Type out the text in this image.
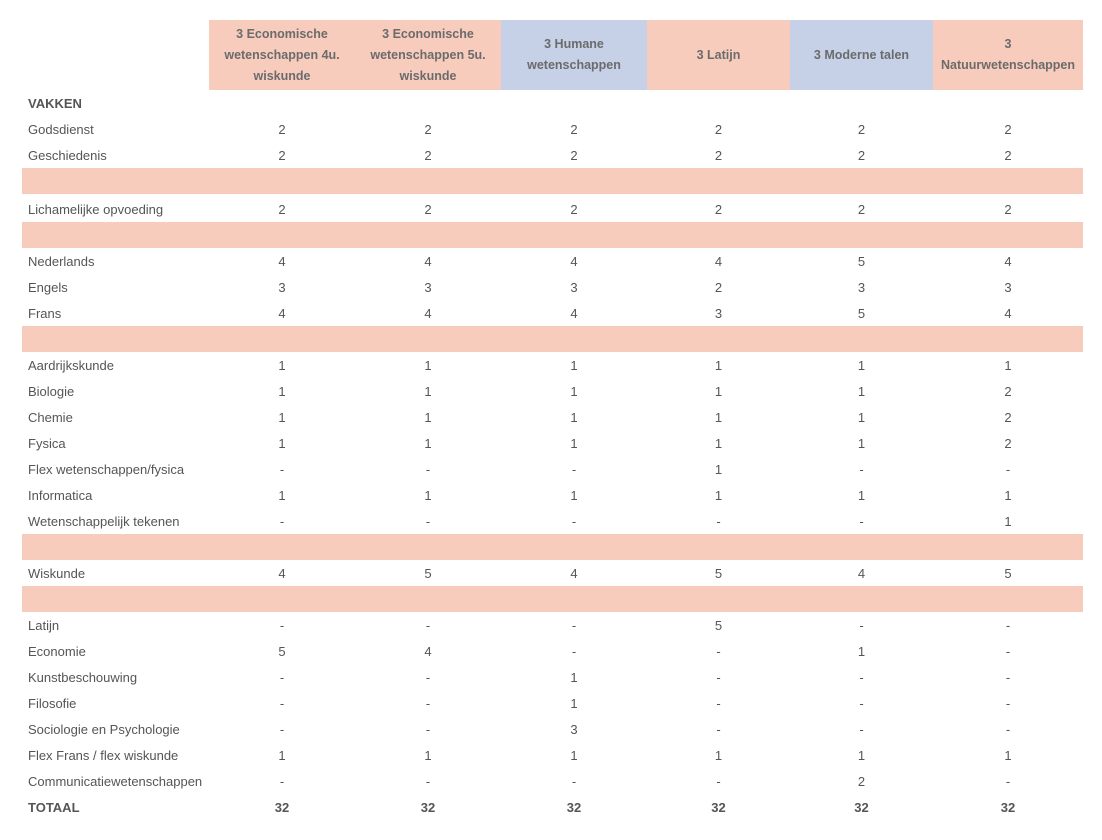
	3 Economische wetenschappen 4u. wiskunde	3 Economische wetenschappen 5u. wiskunde	3 Humane wetenschappen	3 Latijn	3 Moderne talen	3 Natuurwetenschappen
VAKKEN						
Godsdienst	2	2	2	2	2	2
Geschiedenis	2	2	2	2	2	2

Lichamelijke opvoeding	2	2	2	2	2	2

Nederlands	4	4	4	4	5	4
Engels	3	3	3	2	3	3
Frans	4	4	4	3	5	4

Aardrijkskunde	1	1	1	1	1	1
Biologie	1	1	1	1	1	2
Chemie	1	1	1	1	1	2
Fysica	1	1	1	1	1	2
Flex wetenschappen/fysica	-	-	-	1	-	-
Informatica	1	1	1	1	1	1
Wetenschappelijk tekenen	-	-	-	-	-	1

Wiskunde	4	5	4	5	4	5

Latijn	-	-	-	5	-	-
Economie	5	4	-	-	1	-
Kunstbeschouwing	-	-	1	-	-	-
Filosofie	-	-	1	-	-	-
Sociologie en Psychologie	-	-	3	-	-	-
Flex Frans / flex wiskunde	1	1	1	1	1	1
Communicatiewetenschappen	-	-	-	-	2	-
TOTAAL	32	32	32	32	32	32
